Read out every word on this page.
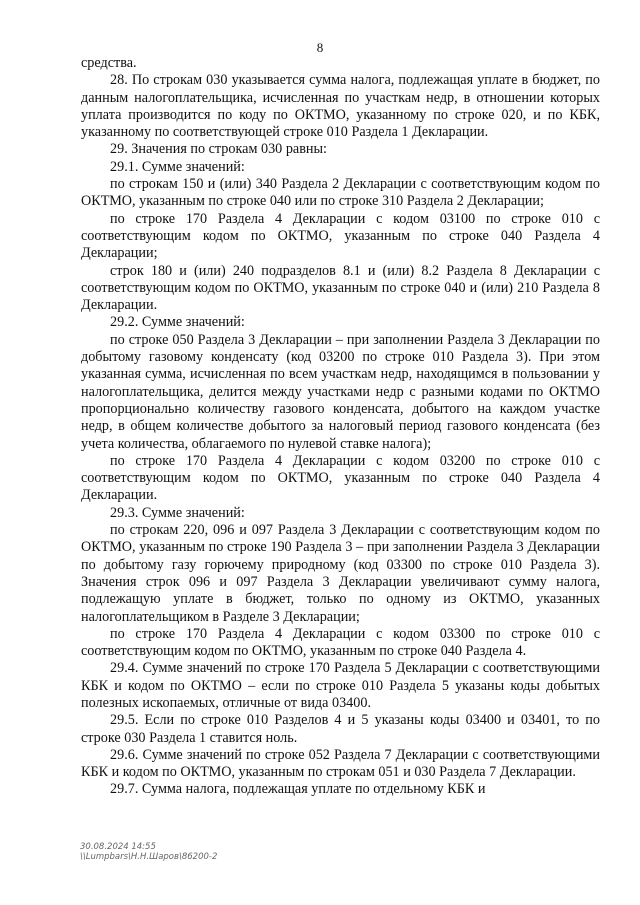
8

средства.

28. По строкам 030 указывается сумма налога, подлежащая уплате в бюджет, по данным налогоплательщика, исчисленная по участкам недр, в отношении которых уплата производится по коду по ОКТМО, указанному по строке 020, и по КБК, указанному по соответствующей строке 010 Раздела 1 Декларации.

29. Значения по строкам 030 равны:

29.1. Сумме значений:

по строкам 150 и (или) 340 Раздела 2 Декларации с соответствующим кодом по ОКТМО, указанным по строке 040 или по строке 310 Раздела 2 Декларации;

по строке 170 Раздела 4 Декларации с кодом 03100 по строке 010 с соответствующим кодом по ОКТМО, указанным по строке 040 Раздела 4 Декларации;

строк 180 и (или) 240 подразделов 8.1 и (или) 8.2 Раздела 8 Декларации с соответствующим кодом по ОКТМО, указанным по строке 040 и (или) 210 Раздела 8 Декларации.

29.2. Сумме значений:

по строке 050 Раздела 3 Декларации – при заполнении Раздела 3 Декларации по добытому газовому конденсату (код 03200 по строке 010 Раздела 3). При этом указанная сумма, исчисленная по всем участкам недр, находящимся в пользовании у налогоплательщика, делится между участками недр с разными кодами по ОКТМО пропорционально количеству газового конденсата, добытого на каждом участке недр, в общем количестве добытого за налоговый период газового конденсата (без учета количества, облагаемого по нулевой ставке налога);

по строке 170 Раздела 4 Декларации с кодом 03200 по строке 010 с соответствующим кодом по ОКТМО, указанным по строке 040 Раздела 4 Декларации.

29.3. Сумме значений:

по строкам 220, 096 и 097 Раздела 3 Декларации с соответствующим кодом по ОКТМО, указанным по строке 190 Раздела 3 – при заполнении Раздела 3 Декларации по добытому газу горючему природному (код 03300 по строке 010 Раздела 3). Значения строк 096 и 097 Раздела 3 Декларации увеличивают сумму налога, подлежащую уплате в бюджет, только по одному из ОКТМО, указанных налогоплательщиком в Разделе 3 Декларации;

по строке 170 Раздела 4 Декларации с кодом 03300 по строке 010 с соответствующим кодом по ОКТМО, указанным по строке 040 Раздела 4.

29.4. Сумме значений по строке 170 Раздела 5 Декларации с соответствующими КБК и кодом по ОКТМО – если по строке 010 Раздела 5 указаны коды добытых полезных ископаемых, отличные от вида 03400.

29.5. Если по строке 010 Разделов 4 и 5 указаны коды 03400 и 03401, то по строке 030 Раздела 1 ставится ноль.

29.6. Сумме значений по строке 052 Раздела 7 Декларации с соответствующими КБК и кодом по ОКТМО, указанным по строкам 051 и 030 Раздела 7 Декларации.

29.7. Сумма налога, подлежащая уплате по отдельному КБК и

30.08.2024 14:55
\\Lumpbars\Н.Н.Шаров\86200-2
